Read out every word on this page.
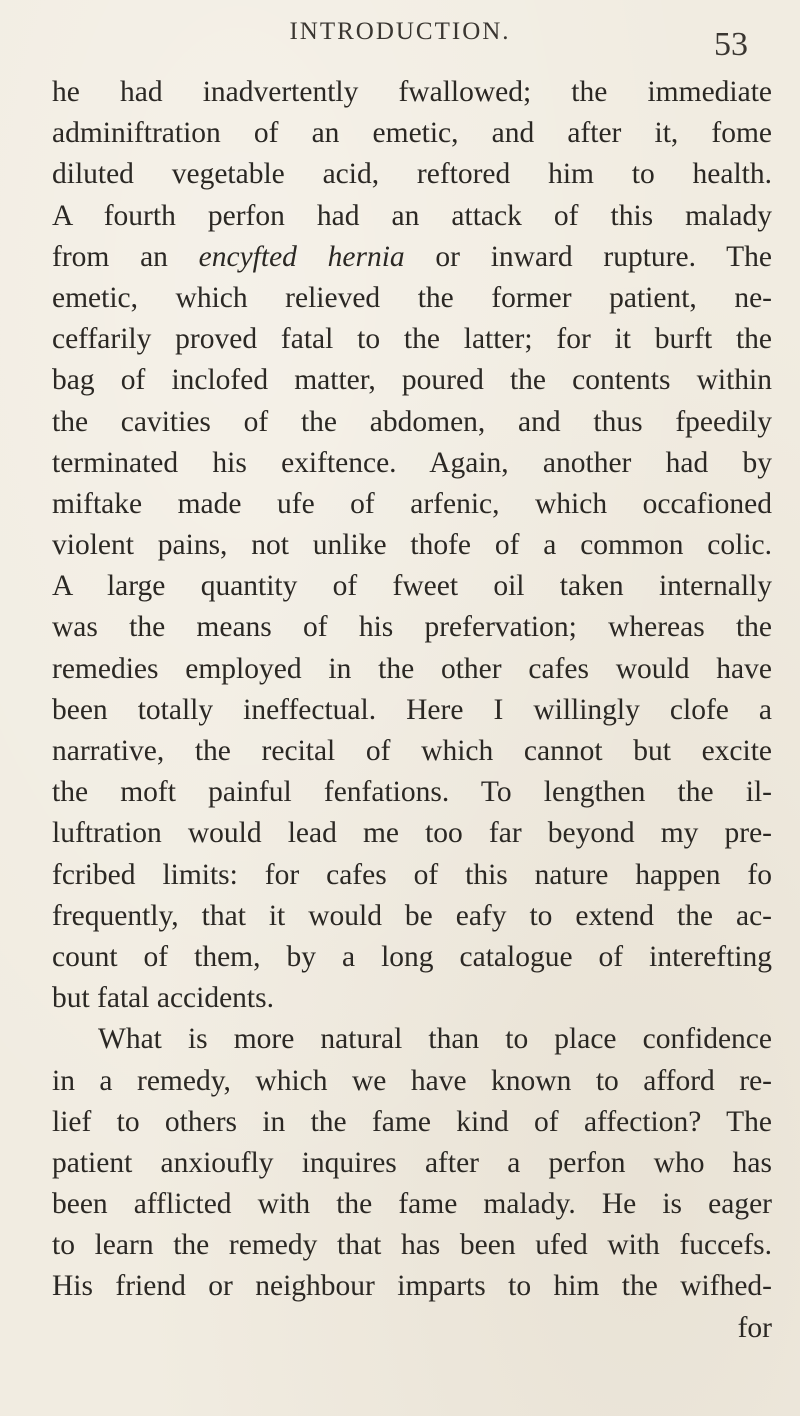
INTRODUCTION.	53
he had inadvertently fwallowed; the immediate
adminiftration of an emetic, and after it, fome
diluted vegetable acid, reftored him to health.
A fourth perfon had an attack of this malady
from an encyfted hernia or inward rupture. The
emetic, which relieved the former patient, ne-
ceffarily proved fatal to the latter; for it burft the
bag of inclofed matter, poured the contents within
the cavities of the abdomen, and thus fpeedily
terminated his exiftence. Again, another had by
miftake made ufe of arfenic, which occafioned
violent pains, not unlike thofe of a common colic.
A large quantity of fweet oil taken internally
was the means of his prefervation; whereas the
remedies employed in the other cafes would have
been totally ineffectual. Here I willingly clofe a
narrative, the recital of which cannot but excite
the moft painful fenfations. To lengthen the il-
luftration would lead me too far beyond my pre-
fcribed limits: for cafes of this nature happen fo
frequently, that it would be eafy to extend the ac-
count of them, by a long catalogue of interefting
but fatal accidents.
What is more natural than to place confidence
in a remedy, which we have known to afford re-
lief to others in the fame kind of affection? The
patient anxioufly inquires after a perfon who has
been afflicted with the fame malady. He is eager
to learn the remedy that has been ufed with fuccefs.
His friend or neighbour imparts to him the wifhed-
for
